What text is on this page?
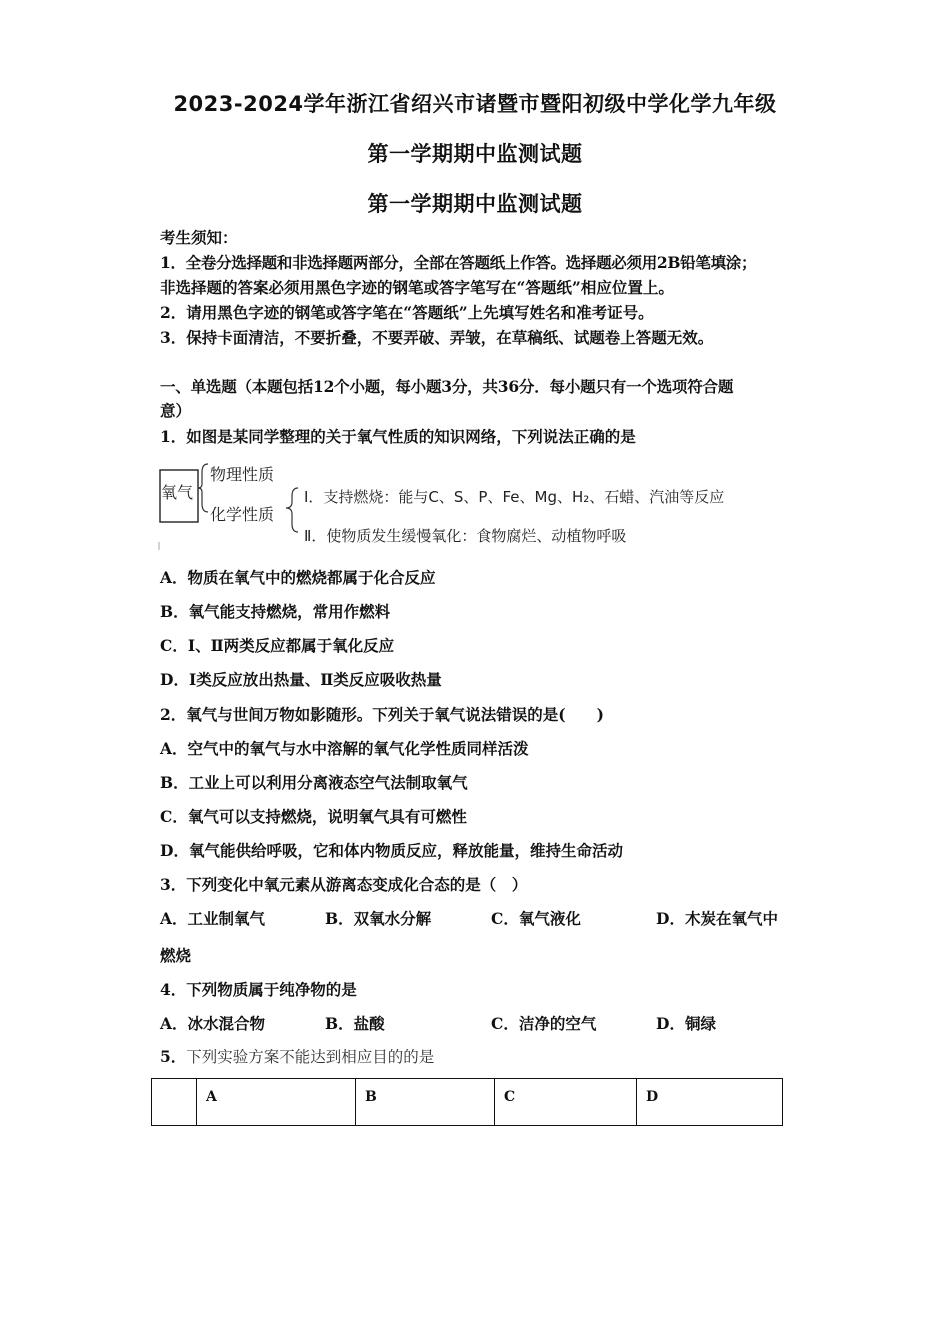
2023-2024学年浙江省绍兴市诸暨市暨阳初级中学化学九年级
第一学期期中监测试题
第一学期期中监测试题
考生须知：
1．全卷分选择题和非选择题两部分，全部在答题纸上作答。选择题必须用2B铅笔填涂；
非选择题的答案必须用黑色字迹的钢笔或答字笔写在“答题纸”相应位置上。
2．请用黑色字迹的钢笔或答字笔在“答题纸”上先填写姓名和准考证号。
3．保持卡面清洁，不要折叠，不要弄破、弄皱，在草稿纸、试题卷上答题无效。
一、单选题（本题包括12个小题，每小题3分，共36分．每小题只有一个选项符合题
意）
1．如图是某同学整理的关于氧气性质的知识网络，下列说法正确的是
氧气
物理性质
化学性质
Ⅰ．支持燃烧：能与C、S、P、Fe、Mg、H₂、石蜡、汽油等反应
Ⅱ．使物质发生缓慢氧化：食物腐烂、动植物呼吸
A．物质在氧气中的燃烧都属于化合反应
B．氧气能支持燃烧，常用作燃料
C．Ⅰ、Ⅱ两类反应都属于氧化反应
D．Ⅰ类反应放出热量、Ⅱ类反应吸收热量
2．氧气与世间万物如影随形。下列关于氧气说法错误的是(　　)
A．空气中的氧气与水中溶解的氧气化学性质同样活泼
B．工业上可以利用分离液态空气法制取氧气
C．氧气可以支持燃烧，说明氧气具有可燃性
D．氧气能供给呼吸，它和体内物质反应，释放能量，维持生命活动
3．下列变化中氧元素从游离态变成化合态的是（　）
A．工业制氧气	B．双氧水分解	C．氧气液化	D．木炭在氧气中
燃烧
4．下列物质属于纯净物的是
A．冰水混合物	B．盐酸	C．洁净的空气	D．铜绿
5．下列实验方案不能达到相应目的的是
	A	B	C	D
